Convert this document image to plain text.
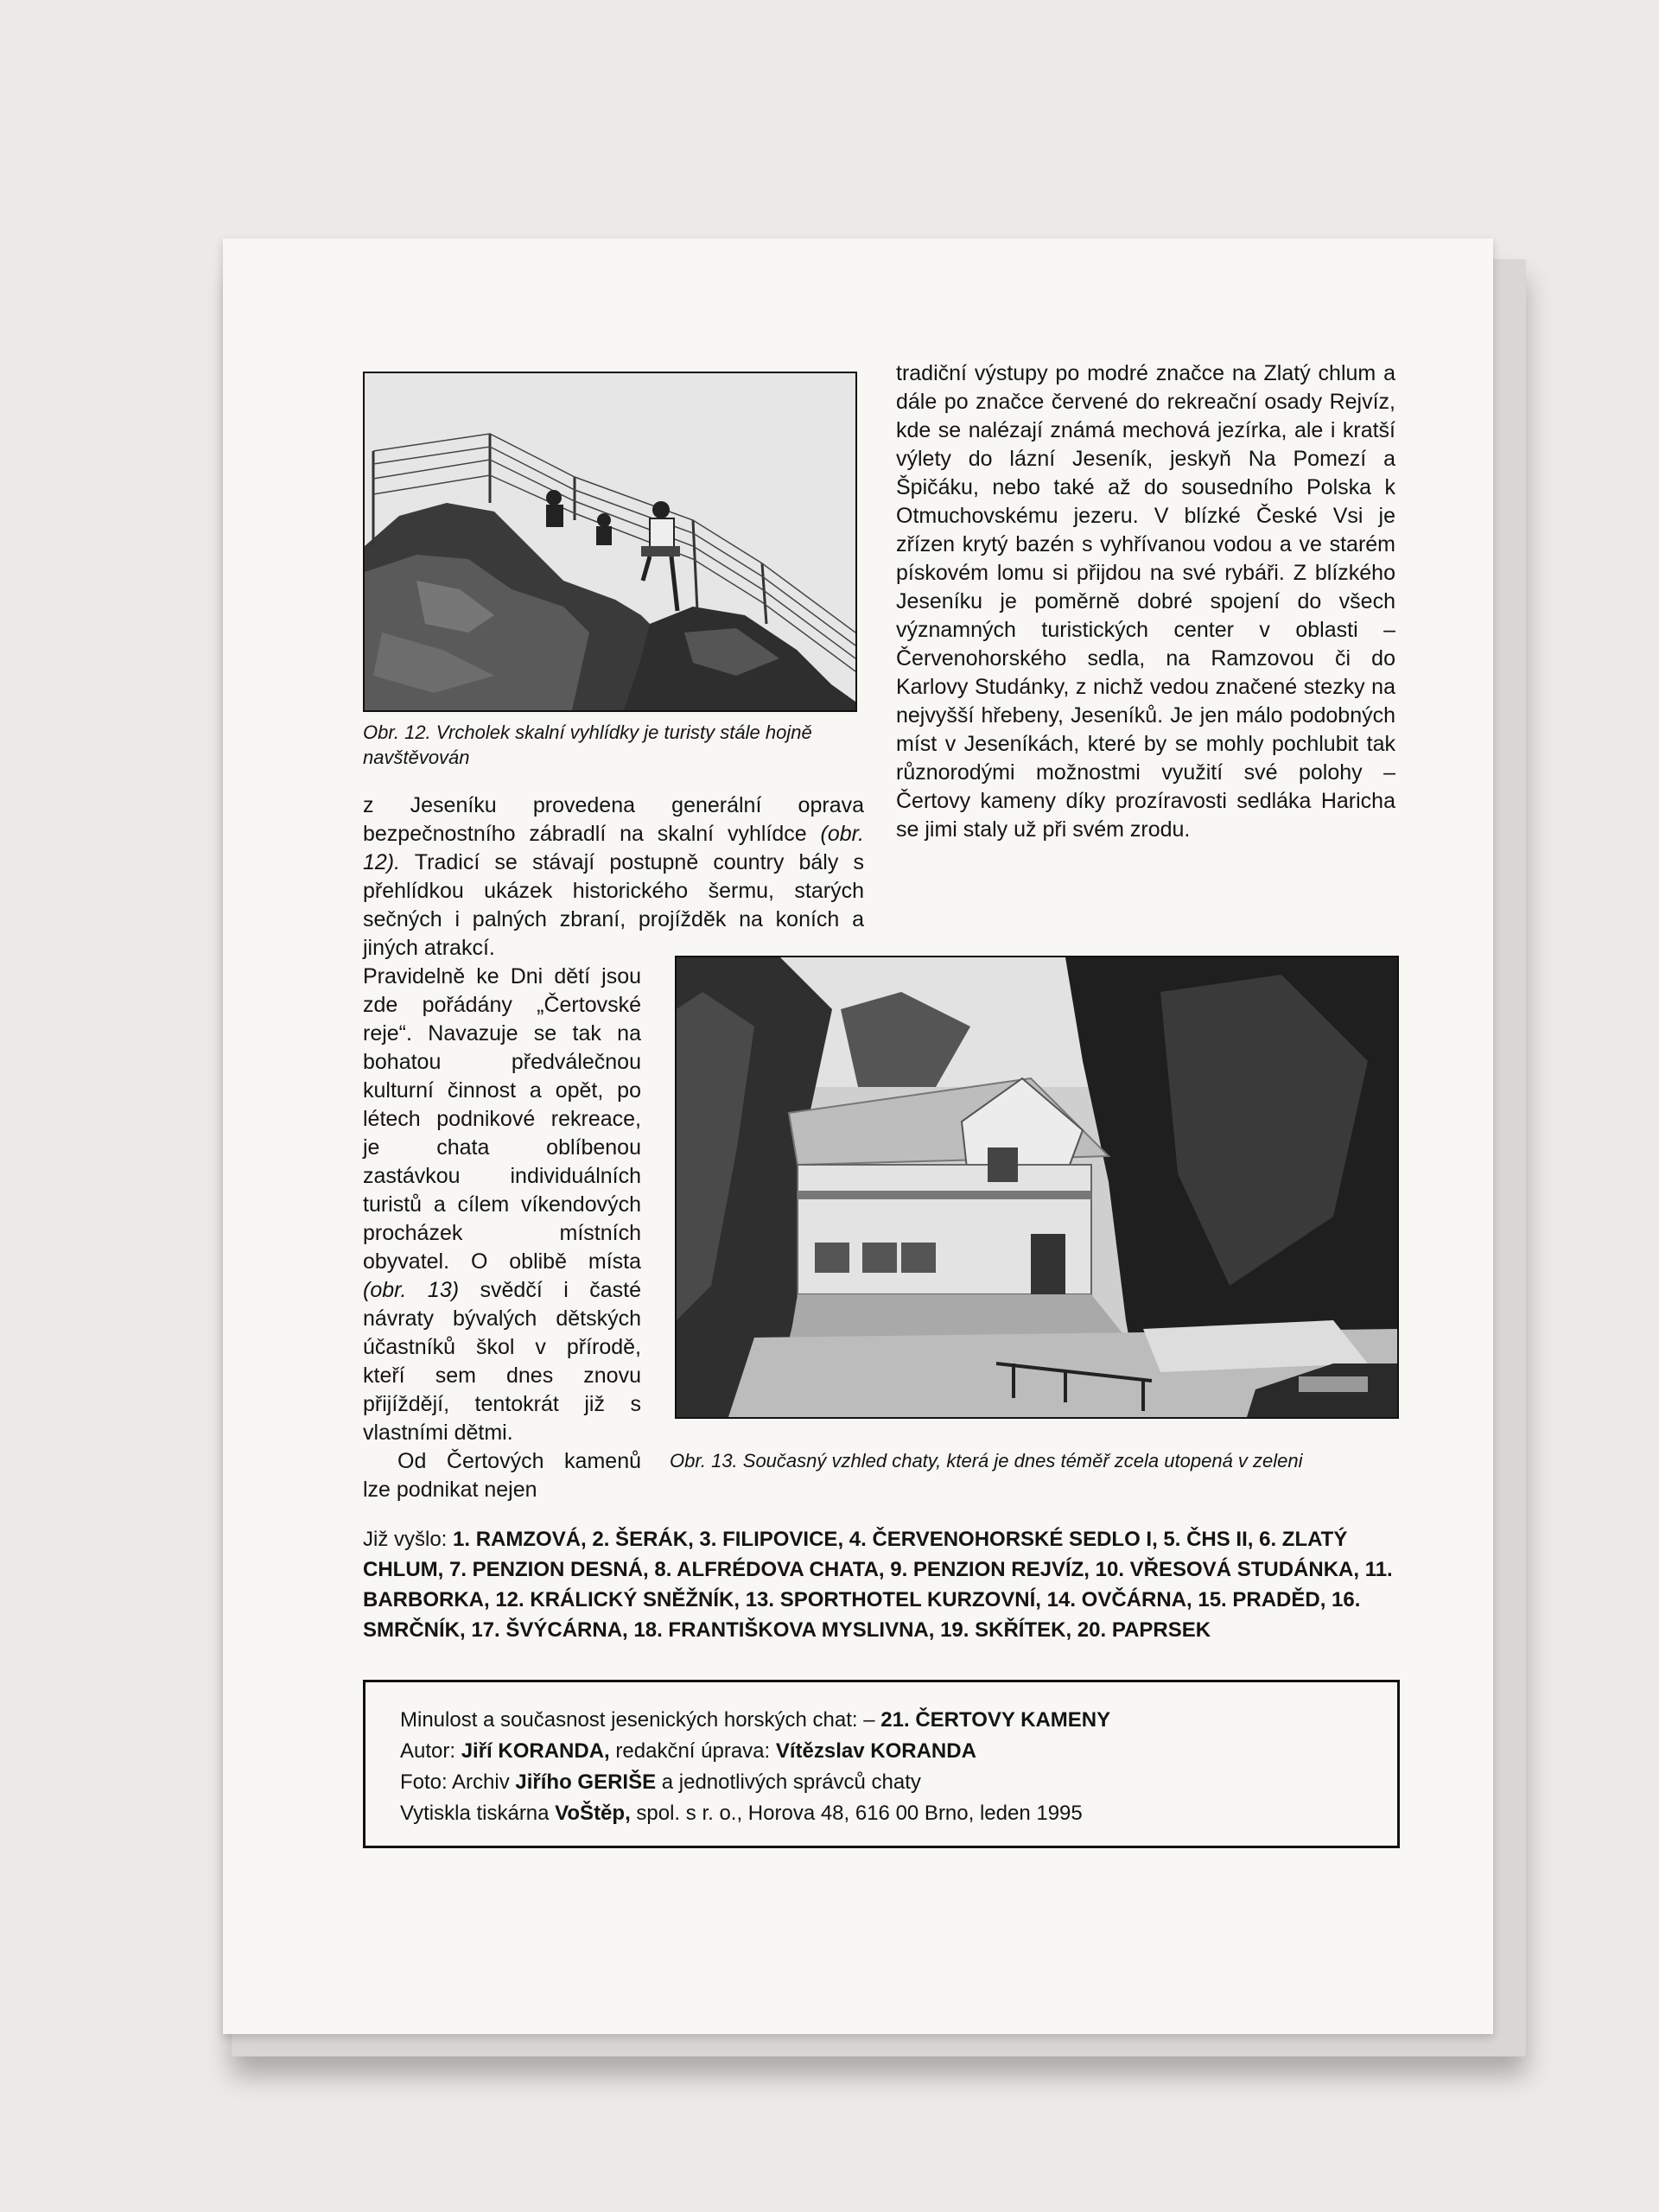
Obr. 12. Vrcholek skalní vyhlídky je turisty stále hojně navštěvován
tradiční výstupy po modré značce na Zlatý chlum a dále po značce červené do rekreační osady Rejvíz, kde se nalézají známá mechová jezírka, ale i kratší výlety do lázní Jeseník, jeskyň Na Pomezí a Špičáku, nebo také až do sousedního Polska k Otmuchovskému jezeru. V blízké České Vsi je zřízen krytý bazén s vyhřívanou vodou a ve starém pískovém lomu si přijdou na své rybáři. Z blízkého Jeseníku je poměrně dobré spojení do všech významných turistických center v oblasti – Červenohorského sedla, na Ramzovou či do Karlovy Studánky, z nichž vedou značené stezky na nejvyšší hřebeny, Jeseníků. Je jen málo podobných míst v Jeseníkách, které by se mohly pochlubit tak různorodými možnostmi využití své polohy – Čertovy kameny díky prozíravosti sedláka Haricha se jimi staly už při svém zrodu.
z Jeseníku provedena generální oprava bezpečnostního zábradlí na skalní vyhlídce (obr. 12). Tradicí se stávají postupně country bály s přehlídkou ukázek historického šermu, starých sečných i palných zbraní, projížděk na koních a jiných atrakcí.
Pravidelně ke Dni dětí jsou zde pořádány „Čertovské reje“. Navazuje se tak na bohatou předválečnou kulturní činnost a opět, po létech podnikové rekreace, je chata oblíbenou zastávkou individuálních turistů a cílem víkendových procházek místních obyvatel. O oblibě místa (obr. 13) svědčí i časté návraty bývalých dětských účastníků škol v přírodě, kteří sem dnes znovu přijíždějí, tentokrát již s vlastními dětmi.
Od Čertových kamenů lze podnikat nejen
Obr. 13. Současný vzhled chaty, která je dnes téměř zcela utopená v zeleni
Již vyšlo: 1. RAMZOVÁ, 2. ŠERÁK, 3. FILIPOVICE, 4. ČERVENOHORSKÉ SEDLO I, 5. ČHS II, 6. ZLATÝ CHLUM, 7. PENZION DESNÁ, 8. ALFRÉDOVA CHATA, 9. PENZION REJVÍZ, 10. VŘESOVÁ STUDÁNKA, 11. BARBORKA, 12. KRÁLICKÝ SNĚŽNÍK, 13. SPORTHOTEL KURZOVNÍ, 14. OVČÁRNA, 15. PRADĚD, 16. SMRČNÍK, 17. ŠVÝCÁRNA, 18. FRANTIŠKOVA MYSLIVNA, 19. SKŘÍTEK, 20. PAPRSEK
Minulost a současnost jesenických horských chat: – 21. ČERTOVY KAMENY
Autor: Jiří KORANDA, redakční úprava: Vítězslav KORANDA
Foto: Archiv Jiřího GERIŠE a jednotlivých správců chaty
Vytiskla tiskárna VoŠtěp, spol. s r. o., Horova 48, 616 00 Brno, leden 1995
